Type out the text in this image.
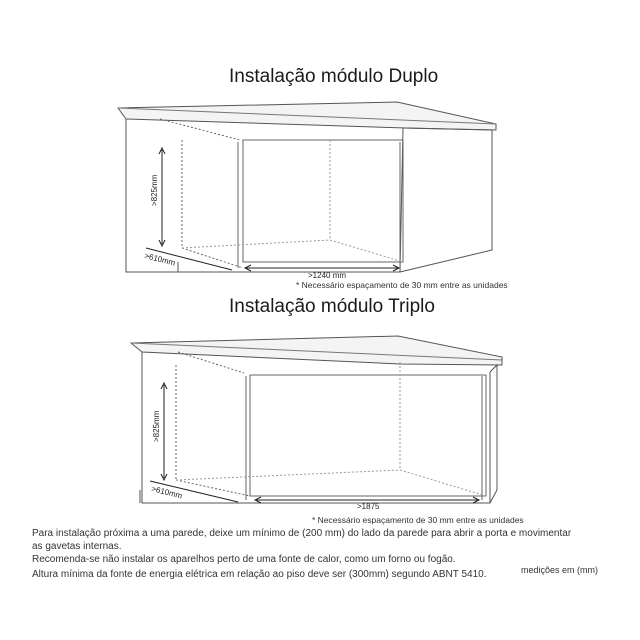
Instalação módulo Duplo
Instalação módulo Triplo
>825mm
>610mm
>1240 mm
>825mm
>610mm
>1875
* Necessário espaçamento de 30 mm entre as unidades
* Necessário espaçamento de 30 mm entre as unidades
Para instalação próxima a uma parede, deixe um mínimo de (200 mm) do lado da parede para abrir a porta e movimentar
as gavetas internas.
Recomenda-se não instalar os aparelhos perto de uma fonte de calor, como um forno ou fogão.
Altura mínima da fonte de energia elétrica em relação ao piso deve ser (300mm) segundo ABNT 5410.	medições em (mm)
